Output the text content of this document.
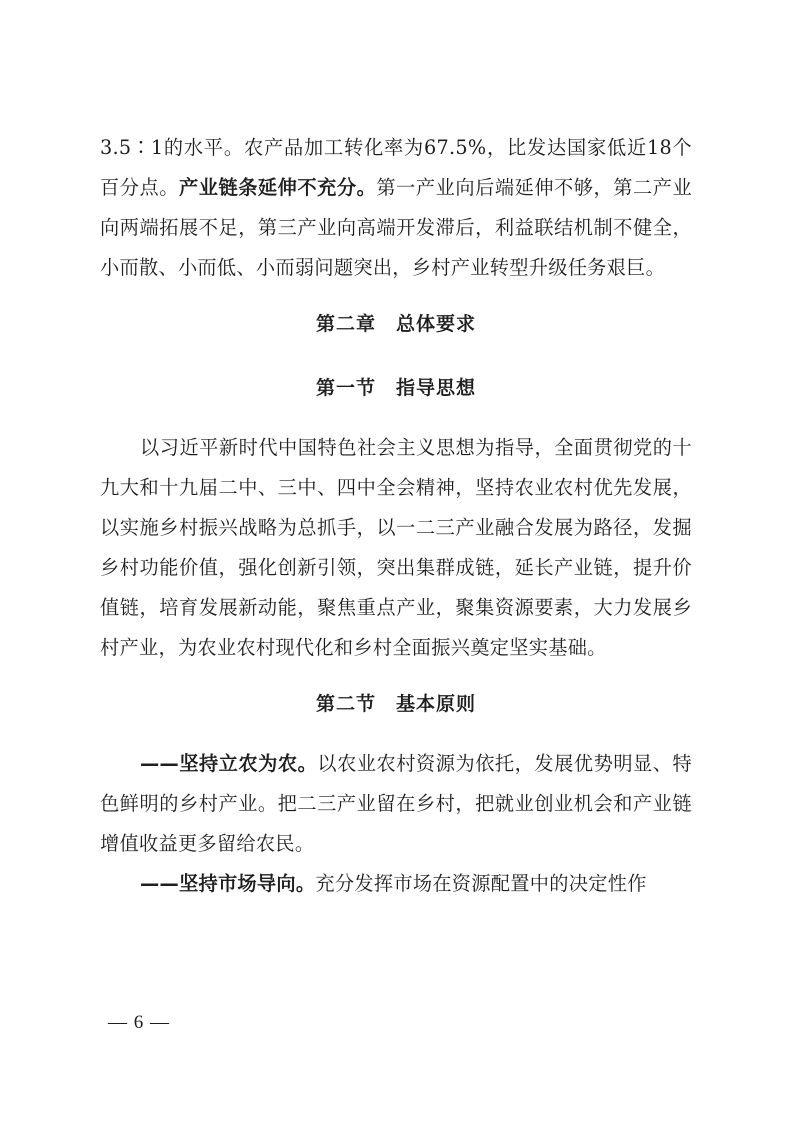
3.5∶1的水平。农产品加工转化率为67.5%，比发达国家低近18个百分点。产业链条延伸不充分。第一产业向后端延伸不够，第二产业向两端拓展不足，第三产业向高端开发滞后，利益联结机制不健全，小而散、小而低、小而弱问题突出，乡村产业转型升级任务艰巨。

第二章　总体要求
第一节　指导思想

以习近平新时代中国特色社会主义思想为指导，全面贯彻党的十九大和十九届二中、三中、四中全会精神，坚持农业农村优先发展，以实施乡村振兴战略为总抓手，以一二三产业融合发展为路径，发掘乡村功能价值，强化创新引领，突出集群成链，延长产业链，提升价值链，培育发展新动能，聚焦重点产业，聚集资源要素，大力发展乡村产业，为农业农村现代化和乡村全面振兴奠定坚实基础。

第二节　基本原则

——坚持立农为农。以农业农村资源为依托，发展优势明显、特色鲜明的乡村产业。把二三产业留在乡村，把就业创业机会和产业链增值收益更多留给农民。

——坚持市场导向。充分发挥市场在资源配置中的决定性作

— 6 —
